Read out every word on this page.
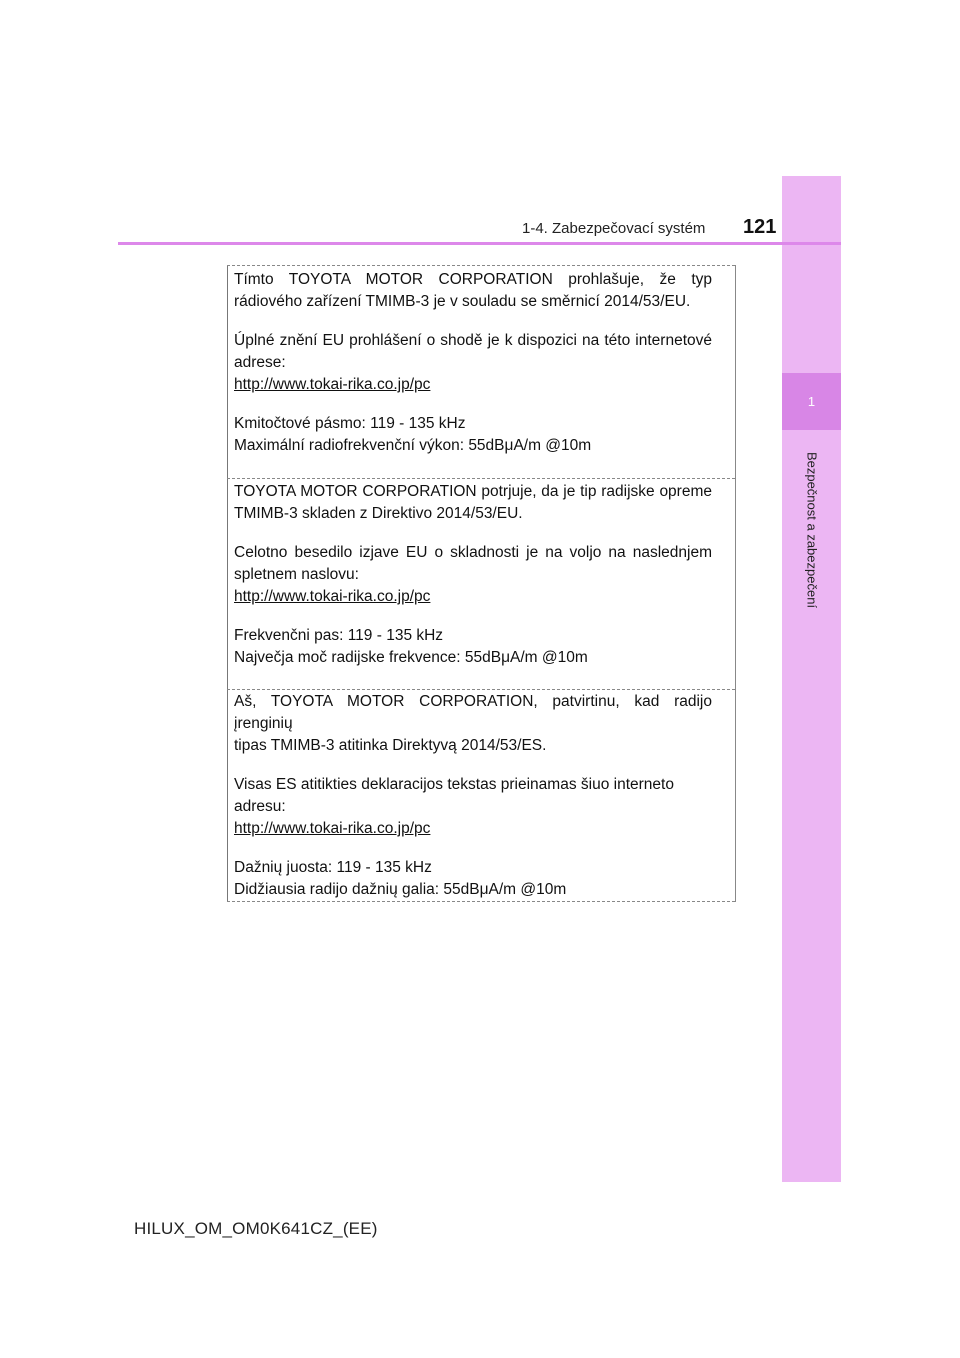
1
Bezpečnost a zabezpečení
1-4. Zabezpečovací systém 121

Tímto TOYOTA MOTOR CORPORATION prohlašuje, že typ

rádiového zařízení TMIMB-3 je v souladu se směrnicí 2014/53/EU.

Úplné znění EU prohlášení o shodě je k dispozici na této internetové

adrese:

http://www.tokai-rika.co.jp/pc

Kmitočtové pásmo: 119 - 135 kHz

Maximální radiofrekvenční výkon: 55dBμA/m @10m

TOYOTA MOTOR CORPORATION potrjuje, da je tip radijske opreme

TMIMB-3 skladen z Direktivo 2014/53/EU.

Celotno besedilo izjave EU o skladnosti je na voljo na naslednjem

spletnem naslovu:

http://www.tokai-rika.co.jp/pc

Frekvenčni pas: 119 - 135 kHz

Največja moč radijske frekvence: 55dBμA/m @10m

Aš, TOYOTA MOTOR CORPORATION, patvirtinu, kad radijo įrenginių

tipas TMIMB-3 atitinka Direktyvą 2014/53/ES.

Visas ES atitikties deklaracijos tekstas prieinamas šiuo interneto

adresu:

http://www.tokai-rika.co.jp/pc

Dažnių juosta: 119 - 135 kHz

Didžiausia radijo dažnių galia: 55dBμA/m @10m

HILUX_OM_OM0K641CZ_(EE)
